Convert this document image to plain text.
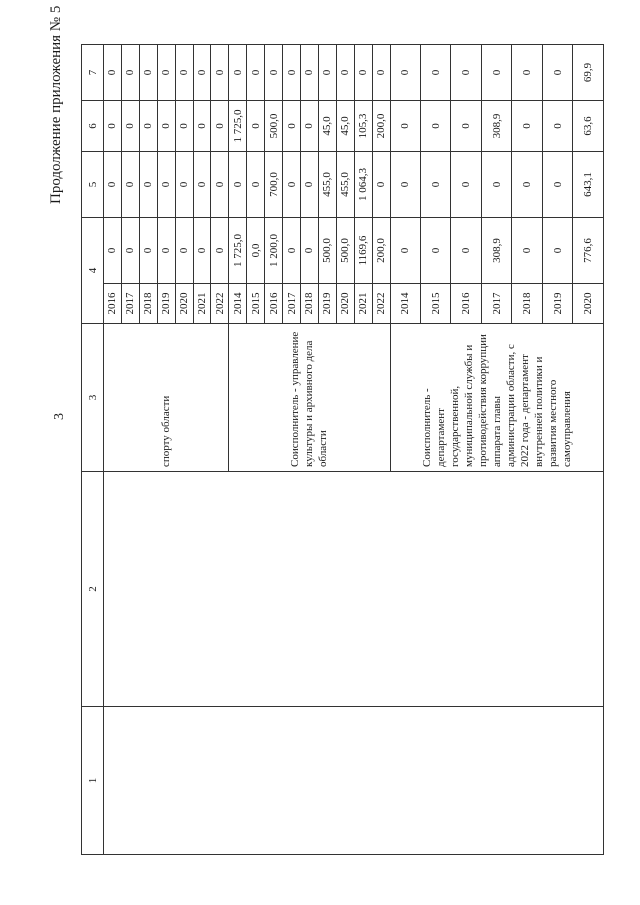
3
Продолжение приложения № 5
1	2	3	4		5	6	7	
		спорту области	2016	0	0	0	0	
			2017	0	0	0	0	
			2018	0	0	0	0	
			2019	0	0	0	0	
			2020	0	0	0	0	
			2021	0	0	0	0	
			2022	0	0	0	0	
		Соисполнитель - управление культуры и архивного дела области	2014	1 725,0	0	1 725,0	0	
			2015	0,0	0	0	0	
			2016	1 200,0	700,0	500,0	0	
			2017	0	0	0	0	
			2018	0	0	0	0	
			2019	500,0	455,0	45,0	0	
			2020	500,0	455,0	45,0	0	
			2021	1169,6	1 064,3	105,3	0	
			2022	200,0	0	200,0	0	
		Соисполнитель - департамент государственной, муниципальной службы и противодействия коррупции аппарата главы администрации области, с 2022 года - департамент внутренней политики и развития местного самоуправления	2014	0	0	0	0	
			2015	0	0	0	0	
			2016	0	0	0	0	
			2017	308,9	0	308,9	0	
			2018	0	0	0	0	
			2019	0	0	0	0	
			2020	776,6	643,1	63,6	69,9	
